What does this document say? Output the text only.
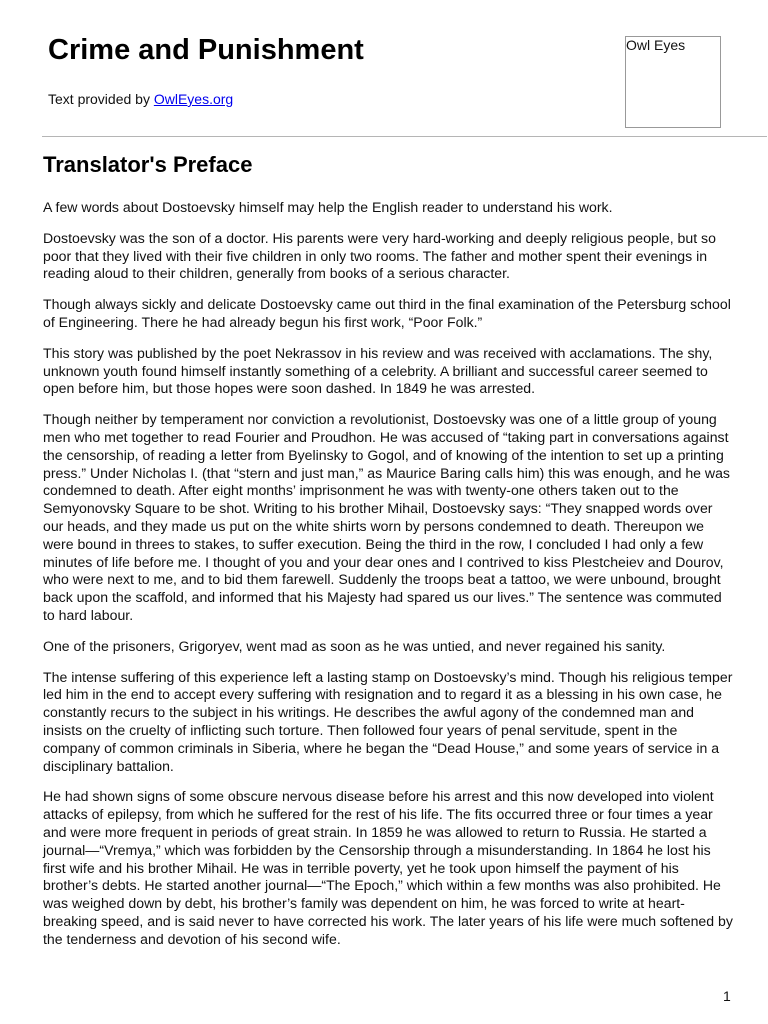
Crime and Punishment
Text provided by OwlEyes.org
Owl Eyes
Translator's Preface

A few words about Dostoevsky himself may help the English reader to understand his work.

Dostoevsky was the son of a doctor. His parents were very hard-working and deeply religious people, but so poor that they lived with their five children in only two rooms. The father and mother spent their evenings in reading aloud to their children, generally from books of a serious character.

Though always sickly and delicate Dostoevsky came out third in the final examination of the Petersburg school of Engineering. There he had already begun his first work, “Poor Folk.”

This story was published by the poet Nekrassov in his review and was received with acclamations. The shy, unknown youth found himself instantly something of a celebrity. A brilliant and successful career seemed to open before him, but those hopes were soon dashed. In 1849 he was arrested.

Though neither by temperament nor conviction a revolutionist, Dostoevsky was one of a little group of young men who met together to read Fourier and Proudhon. He was accused of “taking part in conversations against the censorship, of reading a letter from Byelinsky to Gogol, and of knowing of the intention to set up a printing press.” Under Nicholas I. (that “stern and just man,” as Maurice Baring calls him) this was enough, and he was condemned to death. After eight months’ imprisonment he was with twenty-one others taken out to the Semyonovsky Square to be shot. Writing to his brother Mihail, Dostoevsky says: “They snapped words over our heads, and they made us put on the white shirts worn by persons condemned to death. Thereupon we were bound in threes to stakes, to suffer execution. Being the third in the row, I concluded I had only a few minutes of life before me. I thought of you and your dear ones and I contrived to kiss Plestcheiev and Dourov, who were next to me, and to bid them farewell. Suddenly the troops beat a tattoo, we were unbound, brought back upon the scaffold, and informed that his Majesty had spared us our lives.” The sentence was commuted to hard labour.

One of the prisoners, Grigoryev, went mad as soon as he was untied, and never regained his sanity.

The intense suffering of this experience left a lasting stamp on Dostoevsky’s mind. Though his religious temper led him in the end to accept every suffering with resignation and to regard it as a blessing in his own case, he constantly recurs to the subject in his writings. He describes the awful agony of the condemned man and insists on the cruelty of inflicting such torture. Then followed four years of penal servitude, spent in the company of common criminals in Siberia, where he began the “Dead House,” and some years of service in a disciplinary battalion.

He had shown signs of some obscure nervous disease before his arrest and this now developed into violent attacks of epilepsy, from which he suffered for the rest of his life. The fits occurred three or four times a year and were more frequent in periods of great strain. In 1859 he was allowed to return to Russia. He started a journal—“Vremya,” which was forbidden by the Censorship through a misunderstanding. In 1864 he lost his first wife and his brother Mihail. He was in terrible poverty, yet he took upon himself the payment of his brother’s debts. He started another journal—“The Epoch,” which within a few months was also prohibited. He was weighed down by debt, his brother’s family was dependent on him, he was forced to write at heart-breaking speed, and is said never to have corrected his work. The later years of his life were much softened by the tenderness and devotion of his second wife.

1
